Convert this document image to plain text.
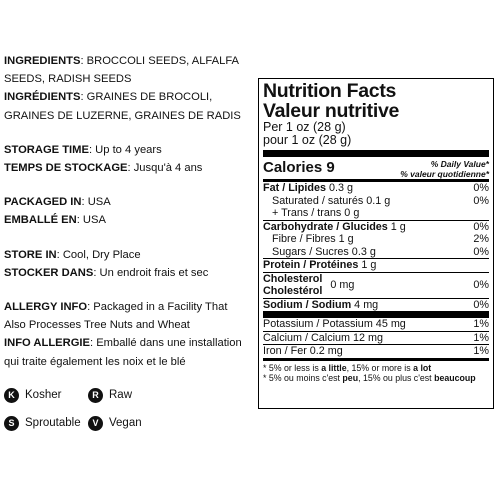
INGREDIENTS: BROCCOLI SEEDS, ALFALFA
SEEDS, RADISH SEEDS
INGRÉDIENTS: GRAINES DE BROCOLI,
GRAINES DE LUZERNE, GRAINES DE RADIS
STORAGE TIME: Up to 4 years
TEMPS DE STOCKAGE: Jusqu'à 4 ans
PACKAGED IN: USA
EMBALLÉ EN: USA
STORE IN: Cool, Dry Place
STOCKER DANS: Un endroit frais et sec
ALLERGY INFO: Packaged in a Facility That
Also Processes Tree Nuts and Wheat
INFO ALLERGIE: Emballé dans une installation
qui traite également les noix et le blé
K Kosher	R Raw
S Sproutable	V Vegan
Nutrition Facts
Valeur nutritive
Per 1 oz (28 g)
pour 1 oz (28 g)
Calories 9	% Daily Value*
% valeur quotidienne*
Fat / Lipides 0.3 g	0%
Saturated / saturés 0.1 g	0%
+ Trans / trans 0 g
Carbohydrate / Glucides 1 g	0%
Fibre / Fibres 1 g	2%
Sugars / Sucres 0.3 g	0%
Protein / Protéines 1 g
Cholesterol
Cholestérol
0 mg	0%
Sodium / Sodium 4 mg	0%
Potassium / Potassium 45 mg	1%
Calcium / Calcium 12 mg	1%
Iron / Fer 0.2 mg	1%
* 5% or less is a little, 15% or more is a lot
* 5% ou moins c'est peu, 15% ou plus c'est beaucoup
